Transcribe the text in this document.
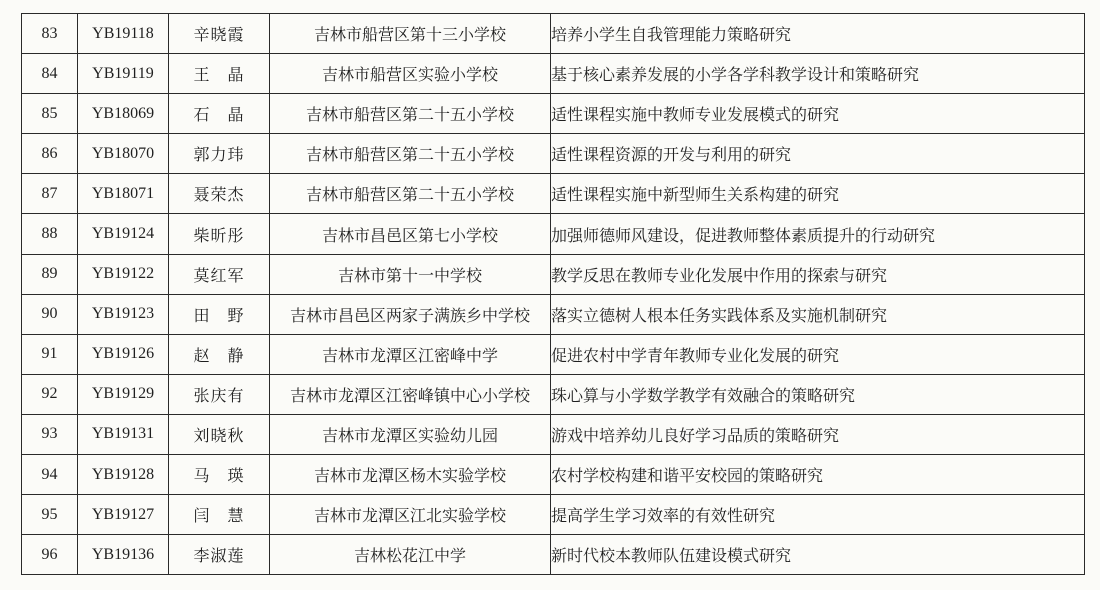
83	YB19118	辛晓霞	吉林市船营区第十三小学校	培养小学生自我管理能力策略研究
84	YB19119	王　晶	吉林市船营区实验小学校	基于核心素养发展的小学各学科教学设计和策略研究
85	YB18069	石　晶	吉林市船营区第二十五小学校	适性课程实施中教师专业发展模式的研究
86	YB18070	郭力玮	吉林市船营区第二十五小学校	适性课程资源的开发与利用的研究
87	YB18071	聂荣杰	吉林市船营区第二十五小学校	适性课程实施中新型师生关系构建的研究
88	YB19124	柴昕彤	吉林市昌邑区第七小学校	加强师德师风建设，促进教师整体素质提升的行动研究
89	YB19122	莫红军	吉林市第十一中学校	教学反思在教师专业化发展中作用的探索与研究
90	YB19123	田　野	吉林市昌邑区两家子满族乡中学校	落实立德树人根本任务实践体系及实施机制研究
91	YB19126	赵　静	吉林市龙潭区江密峰中学	促进农村中学青年教师专业化发展的研究
92	YB19129	张庆有	吉林市龙潭区江密峰镇中心小学校	珠心算与小学数学教学有效融合的策略研究
93	YB19131	刘晓秋	吉林市龙潭区实验幼儿园	游戏中培养幼儿良好学习品质的策略研究
94	YB19128	马　瑛	吉林市龙潭区杨木实验学校	农村学校构建和谐平安校园的策略研究
95	YB19127	闫　慧	吉林市龙潭区江北实验学校	提高学生学习效率的有效性研究
96	YB19136	李淑莲	吉林松花江中学	新时代校本教师队伍建设模式研究
